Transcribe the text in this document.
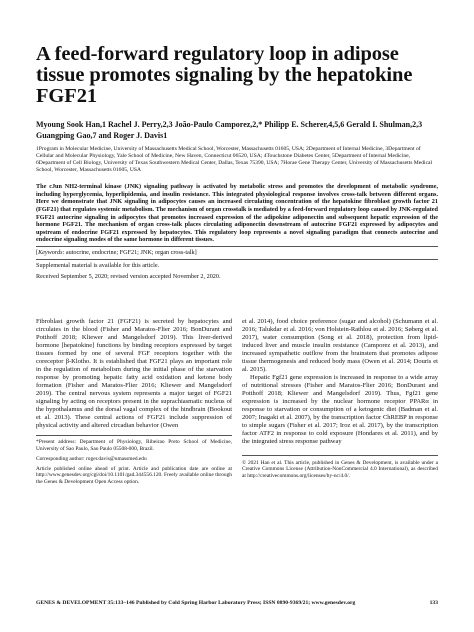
A feed-forward regulatory loop in adipose tissue promotes signaling by the hepatokine FGF21
Myoung Sook Han,1 Rachel J. Perry,2,3 João-Paulo Camporez,2,* Philipp E. Scherer,4,5,6 Gerald I. Shulman,2,3 Guangping Gao,7 and Roger J. Davis1
1Program in Molecular Medicine, University of Massachusetts Medical School, Worcester, Massachusetts 01605, USA; 2Department of Internal Medicine, 3Department of Cellular and Molecular Physiology, Yale School of Medicine, New Haven, Connecticut 06520, USA; 4Touchstone Diabetes Center, 5Department of Internal Medicine, 6Department of Cell Biology, University of Texas Southwestern Medical Center, Dallas, Texas 75390, USA; 7Horae Gene Therapy Center, University of Massachusetts Medical School, Worcester, Massachusetts 01605, USA
The cJun NH2-terminal kinase (JNK) signaling pathway is activated by metabolic stress and promotes the development of metabolic syndrome, including hyperglycemia, hyperlipidemia, and insulin resistance. This integrated physiological response involves cross-talk between different organs. Here we demonstrate that JNK signaling in adipocytes causes an increased circulating concentration of the hepatokine fibroblast growth factor 21 (FGF21) that regulates systemic metabolism. The mechanism of organ crosstalk is mediated by a feed-forward regulatory loop caused by JNK-regulated FGF21 autocrine signaling in adipocytes that promotes increased expression of the adipokine adiponectin and subsequent hepatic expression of the hormone FGF21. The mechanism of organ cross-talk places circulating adiponectin downstream of autocrine FGF21 expressed by adipocytes and upstream of endocrine FGF21 expressed by hepatocytes. This regulatory loop represents a novel signaling paradigm that connects autocrine and endocrine signaling modes of the same hormone in different tissues.
[Keywords: autocrine, endocrine; FGF21; JNK; organ cross-talk]
Supplemental material is available for this article.
Received September 5, 2020; revised version accepted November 2, 2020.

Fibroblast growth factor 21 (FGF21) is secreted by hepatocytes and circulates in the blood (Fisher and Maratos-Flier 2016; BonDurant and Potthoff 2018; Kliewer and Mangelsdorf 2019). This liver-derived hormone [hepatokine] functions by binding receptors expressed by target tissues formed by one of several FGF receptors together with the coreceptor β-Klotho. It is established that FGF21 plays an important role in the regulation of metabolism during the initial phase of the starvation response by promoting hepatic fatty acid oxidation and ketone body formation (Fisher and Maratos-Flier 2016; Kliewer and Mangelsdorf 2019). The central nervous system represents a major target of FGF21 signaling by acting on receptors present in the suprachiasmatic nucleus of the hypothalamus and the dorsal vagal complex of the hindbrain (Bookout et al. 2013). These central actions of FGF21 include suppression of physical activity and altered circadian behavior (Owen

*Present address: Department of Physiology, Ribeirao Preto School of Medicine, University of Sao Paulo, Sao Paulo 05508-000, Brazil.

Corresponding author: roger.davis@umassmed.edu

Article published online ahead of print. Article and publication date are online at http://www.genesdev.org/cgi/doi/10.1101/gad.344556.120. Freely available online through the Genes & Development Open Access option.

et al. 2014), food choice preference (sugar and alcohol) (Schumann et al. 2016; Talukdar et al. 2016; von Holstein-Rathlou et al. 2016; Søberg et al. 2017), water consumption (Song et al. 2018), protection from lipid-induced liver and muscle insulin resistance (Camporez et al. 2013), and increased sympathetic outflow from the brainstem that promotes adipose tissue thermogenesis and reduced body mass (Owen et al. 2014; Douris et al. 2015).

Hepatic Fgf21 gene expression is increased in response to a wide array of nutritional stresses (Fisher and Maratos-Flier 2016; BonDurant and Potthoff 2018; Kliewer and Mangelsdorf 2019). Thus, Fgf21 gene expression is increased by the nuclear hormone receptor PPARα in response to starvation or consumption of a ketogenic diet (Badman et al. 2007; Inagaki et al. 2007), by the transcription factor ChREBP in response to simple sugars (Fisher et al. 2017; Iroz et al. 2017), by the transcription factor ATF2 in response to cold exposure (Hondares et al. 2011), and by the integrated stress response pathway

© 2021 Han et al. This article, published in Genes & Development, is available under a Creative Commons License (Attribution-NonCommercial 4.0 International), as described at http://creativecommons.org/licenses/by-nc/4.0/.
GENES & DEVELOPMENT 35:133–146 Published by Cold Spring Harbor Laboratory Press; ISSN 0890-9369/21; www.genesdev.org	133
